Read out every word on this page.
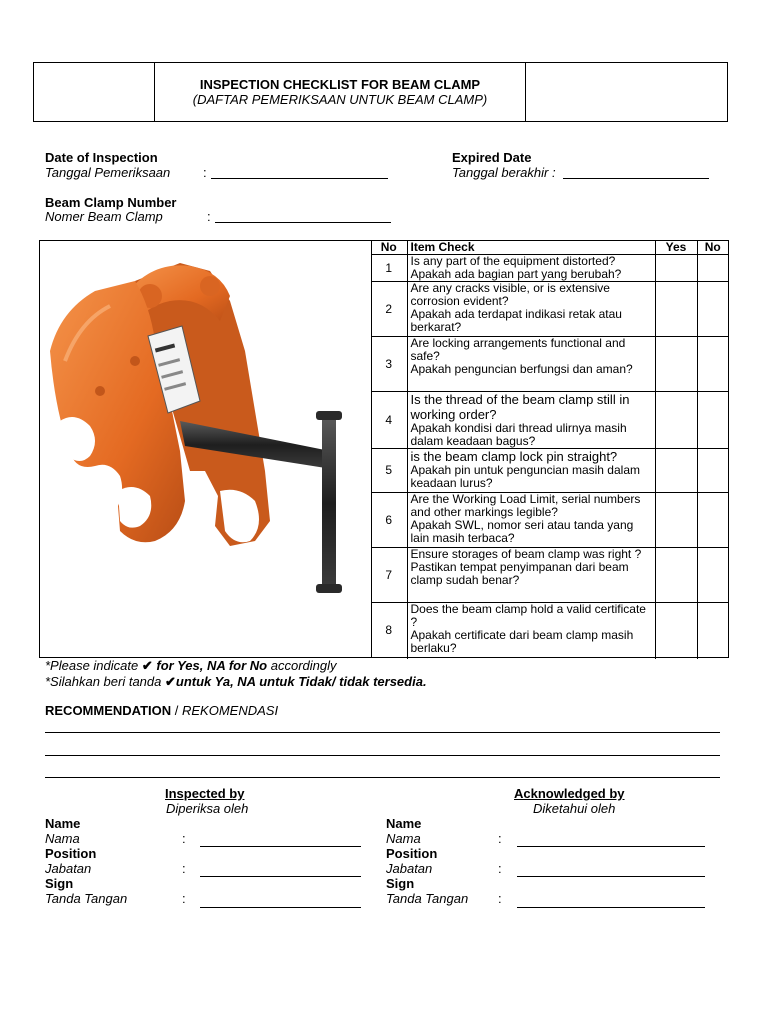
INSPECTION CHECKLIST FOR BEAM CLAMP
(DAFTAR PEMERIKSAAN UNTUK BEAM CLAMP)
Date of Inspection
Tanggal Pemeriksaan	:
Expired Date
Tanggal berakhir :
Beam Clamp Number
Nomer Beam Clamp	:
No	Item Check	Yes	No
1	Is any part of the equipment distorted?
Apakah ada bagian part yang berubah?		

2	Are any cracks visible, or is extensive corrosion evident?
Apakah ada terdapat indikasi retak atau berkarat?		

3	Are locking arrangements functional and safe?
Apakah penguncian berfungsi dan aman?		

4	Is the thread of the beam clamp still in working order?
Apakah kondisi dari thread ulirnya masih dalam keadaan bagus?		

5	is the beam clamp lock pin straight?
Apakah pin untuk penguncian masih dalam keadaan lurus?		

6	Are the Working Load Limit, serial numbers and other markings legible?
Apakah SWL, nomor seri atau tanda yang lain masih terbaca?		

7	Ensure storages of beam clamp was right ?
Pastikan tempat penyimpanan dari beam clamp sudah benar?		

8	Does the beam clamp hold a valid certificate ?
Apakah certificate dari beam clamp masih berlaku?		

*Please indicate ✔ for Yes, NA for No accordingly
*Silahkan beri tanda ✔untuk Ya, NA untuk Tidak/ tidak tersedia.
RECOMMENDATION / REKOMENDASI
Inspected by
Diperiksa oleh
Name
Nama	:
Position
Jabatan	:
Sign
Tanda Tangan	:
Acknowledged by
Diketahui oleh
Name
Nama	:
Position
Jabatan	:
Sign
Tanda Tangan :
